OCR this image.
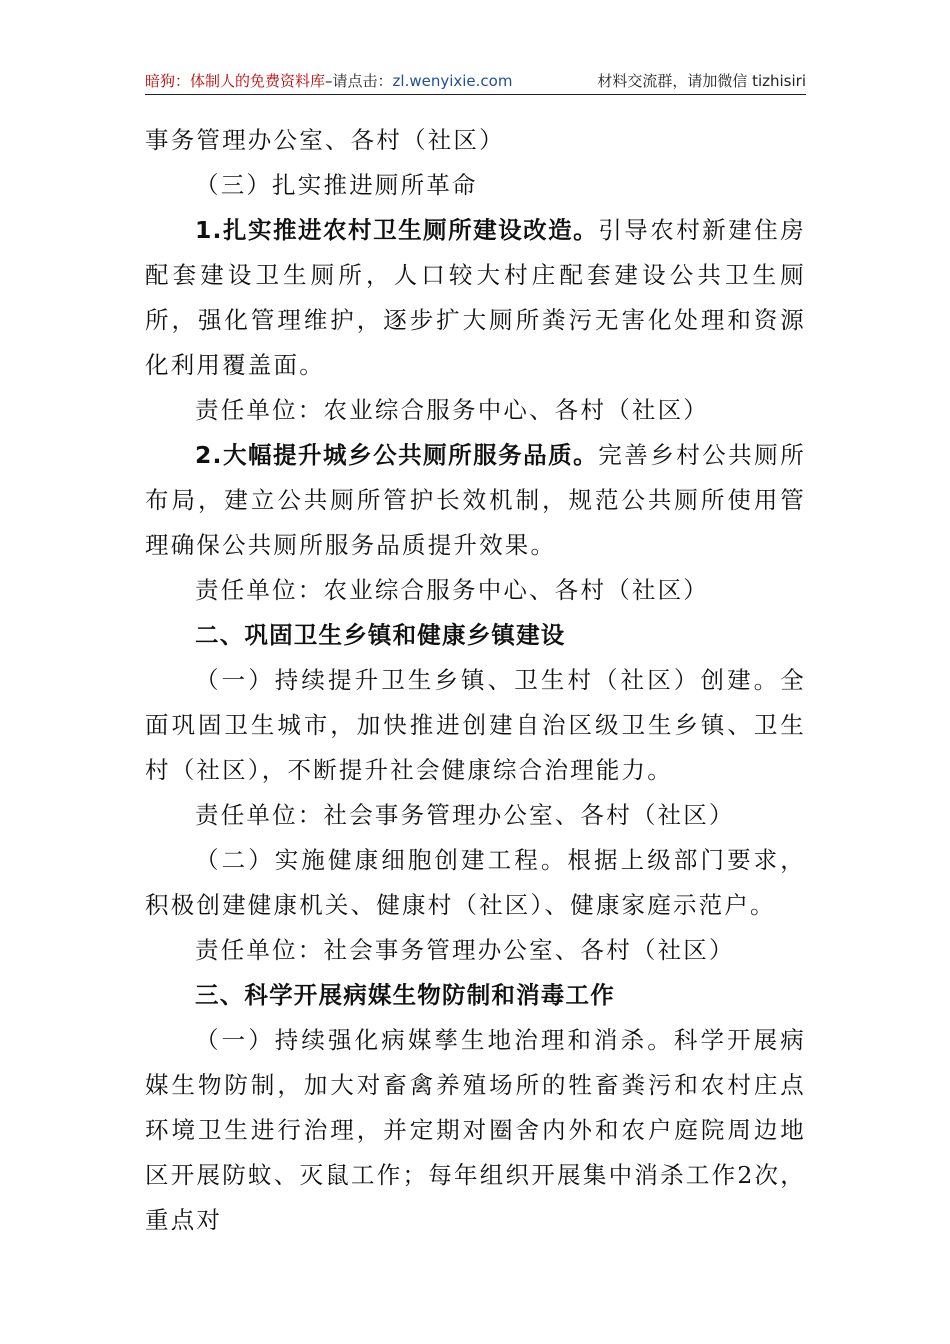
暗狗：体制人的免费资料库–请点击：zl.wenyixie.com	材料交流群，请加微信 tizhisiri

事务管理办公室、各村（社区）

（三）扎实推进厕所革命

1.扎实推进农村卫生厕所建设改造。引导农村新建住房配套建设卫生厕所，人口较大村庄配套建设公共卫生厕所，强化管理维护，逐步扩大厕所粪污无害化处理和资源化利用覆盖面。

责任单位：农业综合服务中心、各村（社区）

2.大幅提升城乡公共厕所服务品质。完善乡村公共厕所布局，建立公共厕所管护长效机制，规范公共厕所使用管理确保公共厕所服务品质提升效果。

责任单位：农业综合服务中心、各村（社区）

二、巩固卫生乡镇和健康乡镇建设

（一）持续提升卫生乡镇、卫生村（社区）创建。全面巩固卫生城市，加快推进创建自治区级卫生乡镇、卫生村（社区），不断提升社会健康综合治理能力。

责任单位：社会事务管理办公室、各村（社区）

（二）实施健康细胞创建工程。根据上级部门要求，积极创建健康机关、健康村（社区）、健康家庭示范户。

责任单位：社会事务管理办公室、各村（社区）

三、科学开展病媒生物防制和消毒工作

（一）持续强化病媒孳生地治理和消杀。科学开展病媒生物防制，加大对畜禽养殖场所的牲畜粪污和农村庄点环境卫生进行治理，并定期对圈舍内外和农户庭院周边地区开展防蚊、灭鼠工作；每年组织开展集中消杀工作2次，重点对
